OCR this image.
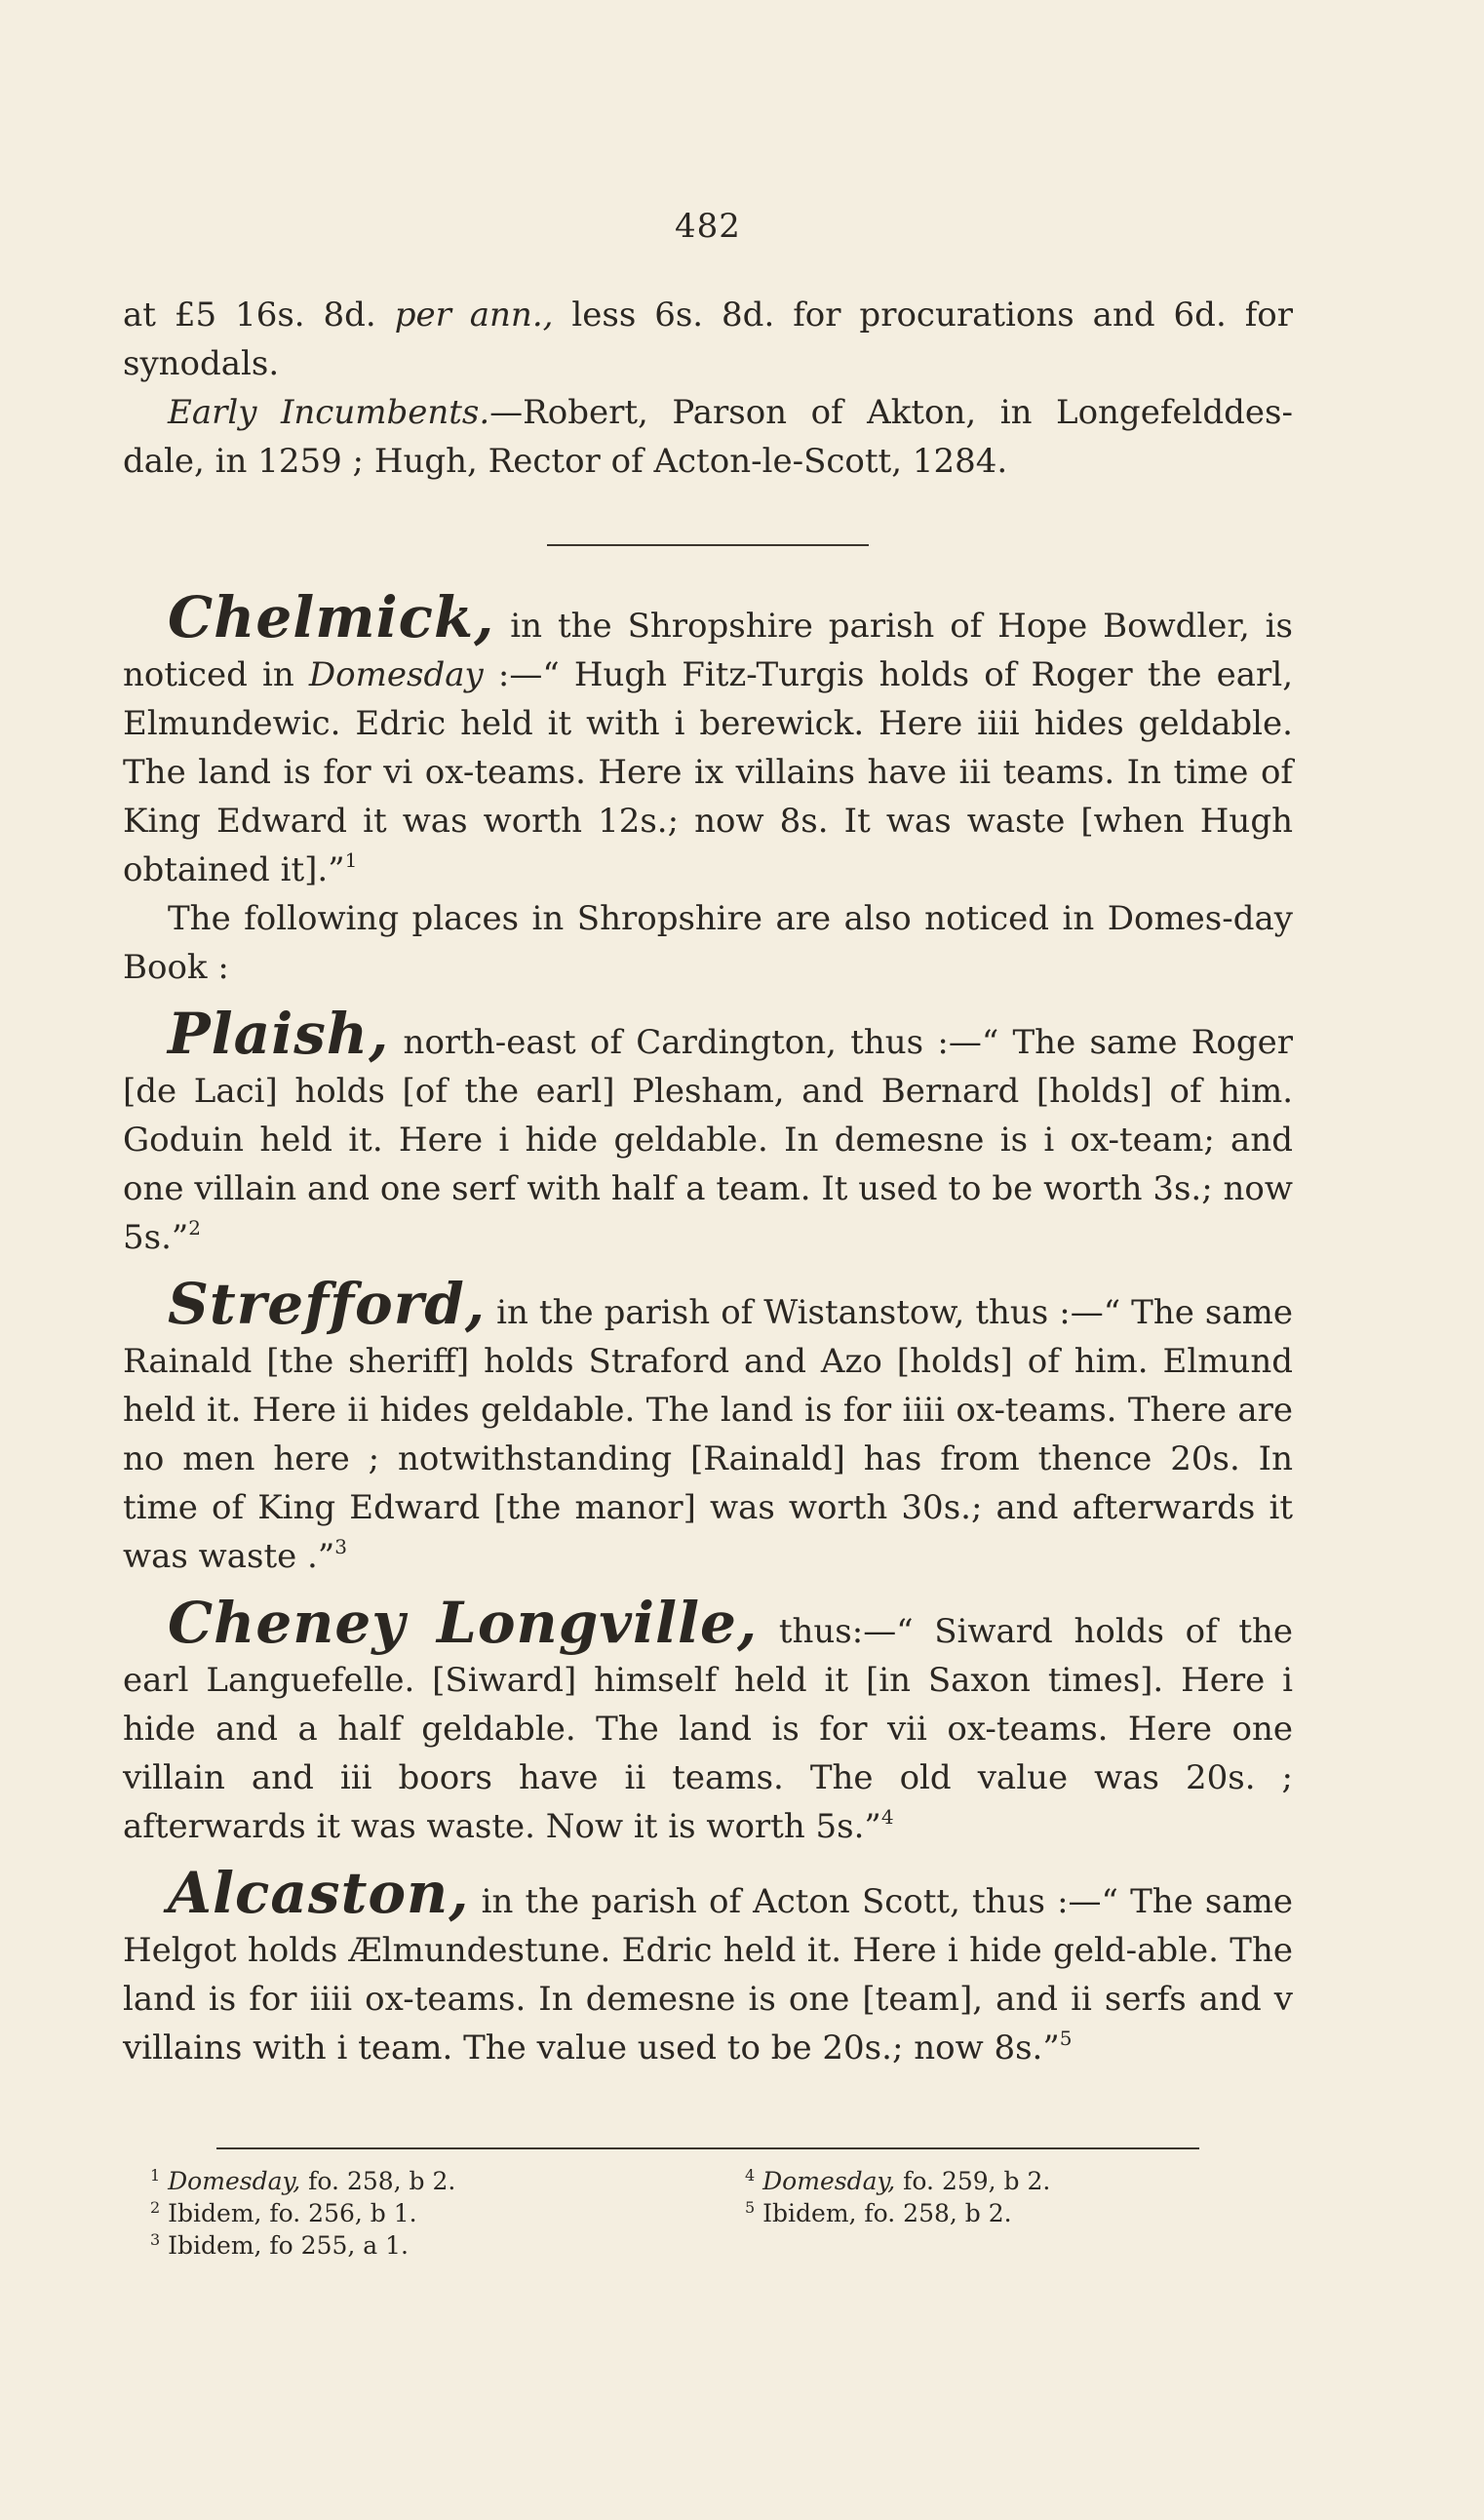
482

at £5 16s. 8d. per ann., less 6s. 8d. for procurations and 6d. for synodals.

Early Incumbents.—Robert, Parson of Akton, in Longefelddes-dale, in 1259 ; Hugh, Rector of Acton-le-Scott, 1284.

Chelmick, in the Shropshire parish of Hope Bowdler, is noticed in Domesday :—“ Hugh Fitz-Turgis holds of Roger the earl, Elmundewic. Edric held it with i berewick. Here iiii hides geldable. The land is for vi ox-teams. Here ix villains have iii teams. In time of King Edward it was worth 12s.; now 8s. It was waste [when Hugh obtained it].”$^1$

The following places in Shropshire are also noticed in Domes-day Book :

Plaish, north-east of Cardington, thus :—“ The same Roger [de Laci] holds [of the earl] Plesham, and Bernard [holds] of him. Goduin held it. Here i hide geldable. In demesne is i ox-team; and one villain and one serf with half a team. It used to be worth 3s.; now 5s.”$^2$

Strefford, in the parish of Wistanstow, thus :—“ The same Rainald [the sheriff] holds Straford and Azo [holds] of him. Elmund held it. Here ii hides geldable. The land is for iiii ox-teams. There are no men here ; notwithstanding [Rainald] has from thence 20s. In time of King Edward [the manor] was worth 30s.; and afterwards it was waste .”$^3$

Cheney Longville, thus:—“ Siward holds of the earl Languefelle. [Siward] himself held it [in Saxon times]. Here i hide and a half geldable. The land is for vii ox-teams. Here one villain and iii boors have ii teams. The old value was 20s. ; afterwards it was waste. Now it is worth 5s.”$^4$

Alcaston, in the parish of Acton Scott, thus :—“ The same Helgot holds Ælmundestune. Edric held it. Here i hide geld-able. The land is for iiii ox-teams. In demesne is one [team], and ii serfs and v villains with i team. The value used to be 20s.; now 8s.”$^5$

$^1$ Domesday, fo. 258, b 2.
$^2$ Ibidem, fo. 256, b 1.
$^3$ Ibidem, fo 255, a 1.
$^4$ Domesday, fo. 259, b 2.
$^5$ Ibidem, fo. 258, b 2.
